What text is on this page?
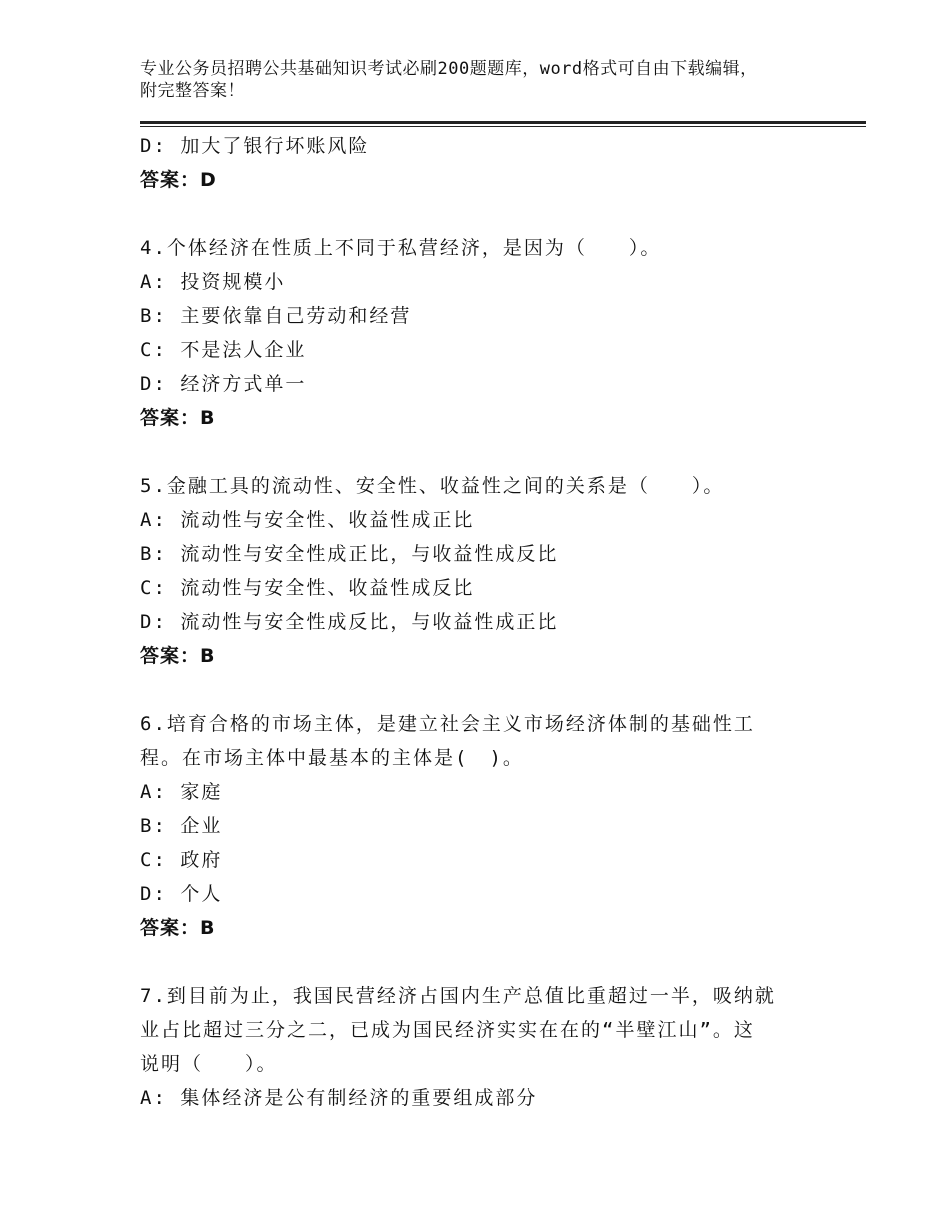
专业公务员招聘公共基础知识考试必刷200题题库，word格式可自由下载编辑，
附完整答案！
D: 加大了银行坏账风险
答案：D
4.个体经济在性质上不同于私营经济，是因为（　　）。
A: 投资规模小
B: 主要依靠自己劳动和经营
C: 不是法人企业
D: 经济方式单一
答案：B
5.金融工具的流动性、安全性、收益性之间的关系是（　　）。
A: 流动性与安全性、收益性成正比
B: 流动性与安全性成正比，与收益性成反比
C: 流动性与安全性、收益性成反比
D: 流动性与安全性成反比，与收益性成正比
答案：B
6.培育合格的市场主体，是建立社会主义市场经济体制的基础性工
程。在市场主体中最基本的主体是(　)。
A: 家庭
B: 企业
C: 政府
D: 个人
答案：B
7.到目前为止，我国民营经济占国内生产总值比重超过一半，吸纳就
业占比超过三分之二，已成为国民经济实实在在的“半壁江山”。这
说明（　　）。
A: 集体经济是公有制经济的重要组成部分
